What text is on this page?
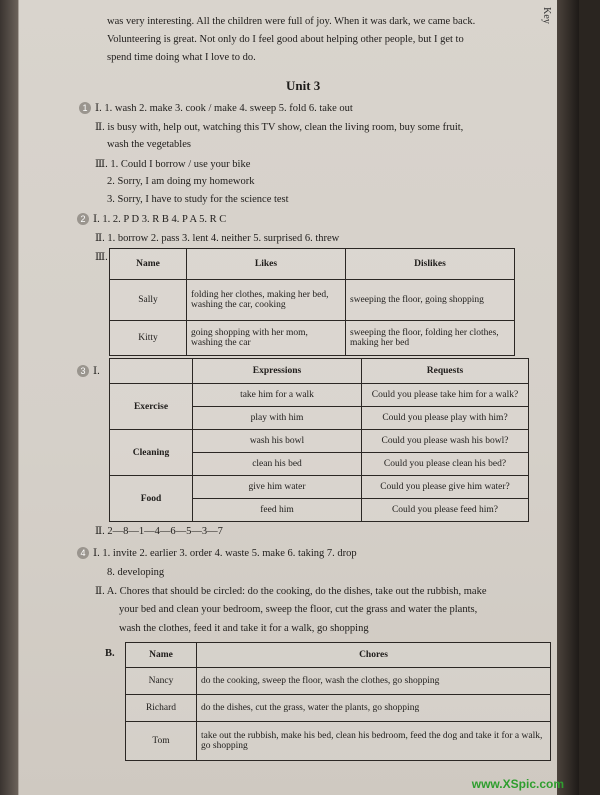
Key
was very interesting. All the children were full of joy. When it was dark, we came back.
Volunteering is great. Not only do I feel good about helping other people, but I get to
spend time doing what I love to do.
Unit 3
1 Ⅰ. 1. wash 2. make 3. cook / make 4. sweep 5. fold 6. take out
Ⅱ. is busy with, help out, watching this TV show, clean the living room, buy some fruit,
wash the vegetables
Ⅲ. 1. Could I borrow / use your bike
2. Sorry, I am doing my homework
3. Sorry, I have to study for the science test
2 Ⅰ. 1. 2. P D 3. R B 4. P A 5. R C
Ⅱ. 1. borrow 2. pass 3. lent 4. neither 5. surprised 6. threw
Ⅲ.
Name	Likes	Dislikes
Sally	folding her clothes, making her bed, washing the car, cooking	sweeping the floor, going shopping
Kitty	going shopping with her mom, washing the car	sweeping the floor, folding her clothes, making her bed
3 Ⅰ.
		Expressions	Requests
Exercise	take him for a walk	Could you please take him for a walk?
	play with him	Could you please play with him?
Cleaning	wash his bowl	Could you please wash his bowl?
	clean his bed	Could you please clean his bed?
Food	give him water	Could you please give him water?
	feed him	Could you please feed him?
Ⅱ. 2—8—1—4—6—5—3—7
4 Ⅰ. 1. invite 2. earlier 3. order 4. waste 5. make 6. taking 7. drop
8. developing
Ⅱ. A. Chores that should be circled: do the cooking, do the dishes, take out the rubbish, make
your bed and clean your bedroom, sweep the floor, cut the grass and water the plants,
wash the clothes, feed it and take it for a walk, go shopping
B.	Name	Chores
Nancy	do the cooking, sweep the floor, wash the clothes, go shopping
Richard	do the dishes, cut the grass, water the plants, go shopping
Tom	take out the rubbish, make his bed, clean his bedroom, feed the dog and take it for a walk, go shopping
www.XSpic.com
